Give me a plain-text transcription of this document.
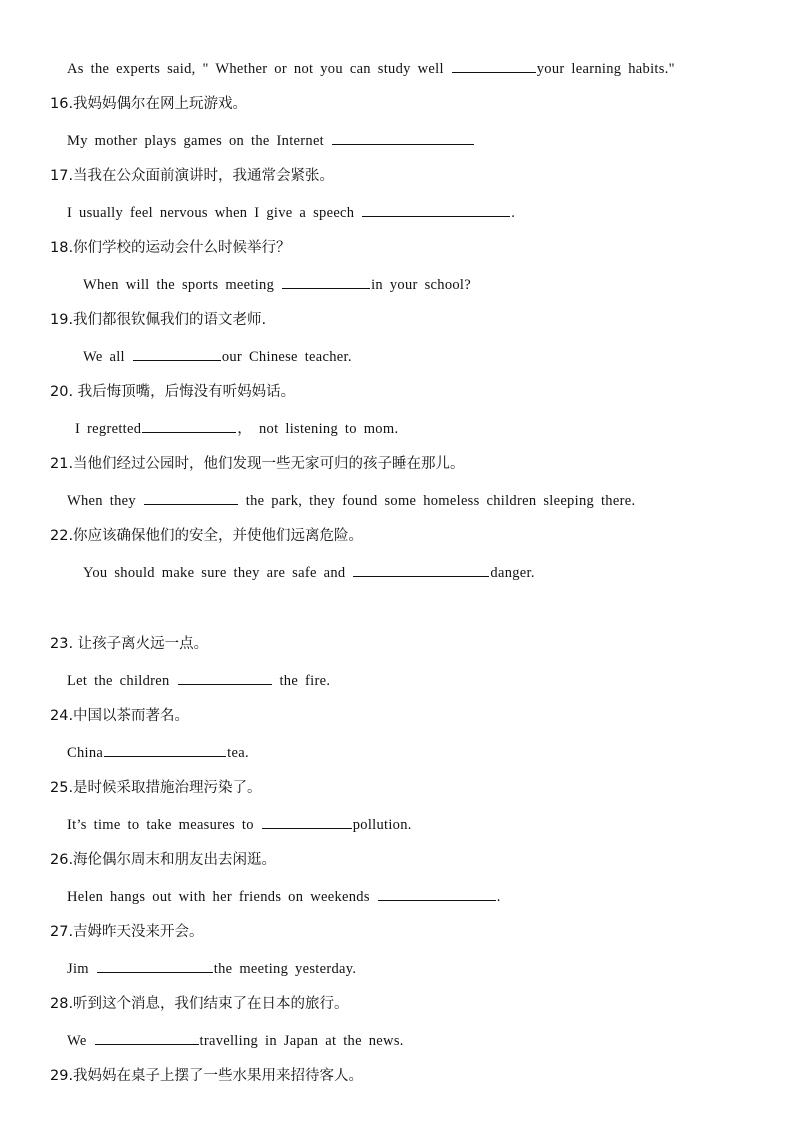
As the experts said, " Whether or not you can study well	your learning habits."
16.我妈妈偶尔在网上玩游戏。
My mother plays games on the Internet
17.当我在公众面前演讲时，我通常会紧张。
I usually feel nervous when I give a speech	.
18.你们学校的运动会什么时候举行？
When will the sports meeting	in your school?
19.我们都很钦佩我们的语文老师.
We all	our Chinese teacher.
20. 我后悔顶嘴，后悔没有听妈妈话。
I regretted	， not listening to mom.
21.当他们经过公园时，他们发现一些无家可归的孩子睡在那儿。
When they	the park, they found some homeless children sleeping there.
22.你应该确保他们的安全，并使他们远离危险。
You should make sure they are safe and	danger.
23. 让孩子离火远一点。
Let the children	the fire.
24.中国以茶而著名。
China	tea.
25.是时候采取措施治理污染了。
It’s time to take measures to	pollution.
26.海伦偶尔周末和朋友出去闲逛。
Helen hangs out with her friends on weekends	.
27.吉姆昨天没来开会。
Jim	the meeting yesterday.
28.听到这个消息，我们结束了在日本的旅行。
We	travelling in Japan at the news.
29.我妈妈在桌子上摆了一些水果用来招待客人。
